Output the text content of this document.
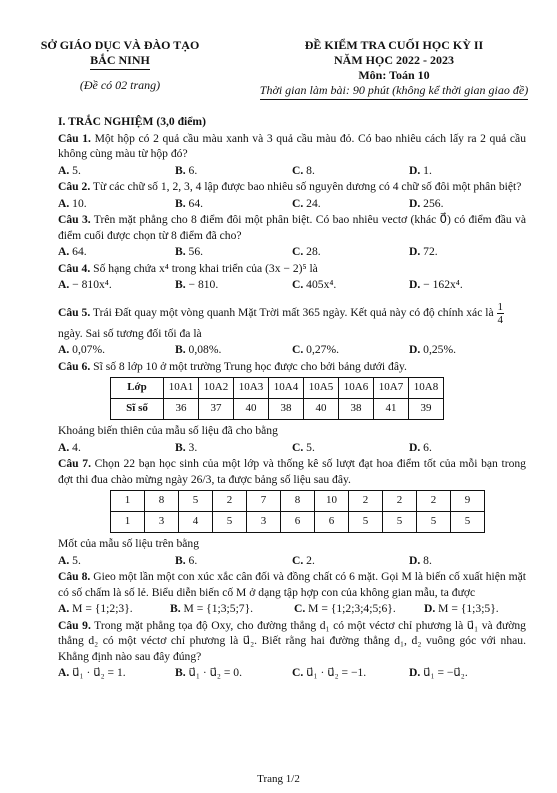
SỞ GIÁO DỤC VÀ ĐÀO TẠO
BẮC NINH
(Đề có 02 trang)
ĐỀ KIỂM TRA CUỐI HỌC KỲ II
NĂM HỌC 2022 - 2023
Môn: Toán 10
Thời gian làm bài: 90 phút (không kể thời gian giao đề)
I. TRẮC NGHIỆM (3,0 điểm)

Câu 1. Một hộp có 2 quả cầu màu xanh và 3 quả cầu màu đỏ. Có bao nhiêu cách lấy ra 2 quả cầu không cùng màu từ hộp đó?

A. 5.	B. 6.	C. 8.	D. 1.

Câu 2. Từ các chữ số 1, 2, 3, 4 lập được bao nhiêu số nguyên dương có 4 chữ số đôi một phân biệt?

A. 10.	B. 64.	C. 24.	D. 256.

Câu 3. Trên mặt phẳng cho 8 điểm đôi một phân biệt. Có bao nhiêu vectơ (khác 0⃗) có điểm đầu và điểm cuối được chọn từ 8 điểm đã cho?

A. 64.	B. 56.	C. 28.	D. 72.

Câu 4. Số hạng chứa x⁴ trong khai triển của (3x − 2)⁵ là

A. − 810x⁴.	B. − 810.	C. 405x⁴.	D. − 162x⁴.

Câu 5. Trái Đất quay một vòng quanh Mặt Trời mất 365 ngày. Kết quả này có độ chính xác là $\frac{1}{4}$

ngày. Sai số tương đối tối đa là

A. 0,07%.	B. 0,08%.	C. 0,27%.	D. 0,25%.

Câu 6. Sĩ số 8 lớp 10 ở một trường Trung học được cho bởi bảng dưới đây.

Lớp	10A1	10A2	10A3	10A4	10A5	10A6	10A7	10A8
Sĩ số	36	37	40	38	40	38	41	39

Khoảng biến thiên của mẫu số liệu đã cho bằng

A. 4.	B. 3.	C. 5.	D. 6.

Câu 7. Chọn 22 bạn học sinh của một lớp và thống kê số lượt đạt hoa điểm tốt của mỗi bạn trong đợt thi đua chào mừng ngày 26/3, ta được bảng số liệu sau đây.

1	8	5	2	7	8	10	2	2	2	9
1	3	4	5	3	6	6	5	5	5	5

Mốt của mẫu số liệu trên bằng

A. 5.	B. 6.	C. 2.	D. 8.

Câu 8. Gieo một lần một con xúc xắc cân đối và đồng chất có 6 mặt. Gọi M là biến cố xuất hiện mặt có số chấm là số lẻ. Biểu diễn biến cố M ở dạng tập hợp con của không gian mẫu, ta được

A. M = {1;2;3}.	B. M = {1;3;5;7}.	C. M = {1;2;3;4;5;6}.	D. M = {1;3;5}.

Câu 9. Trong mặt phẳng tọa độ Oxy, cho đường thẳng d₁ có một véctơ chỉ phương là u⃗₁ và đường thẳng d₂ có một véctơ chỉ phương là u⃗₂. Biết rằng hai đường thẳng d₁, d₂ vuông góc với nhau. Khẳng định nào sau đây đúng?

A. u⃗₁ · u⃗₂ = 1.	B. u⃗₁ · u⃗₂ = 0.	C. u⃗₁ · u⃗₂ = −1.	D. u⃗₁ = −u⃗₂.
Trang 1/2
